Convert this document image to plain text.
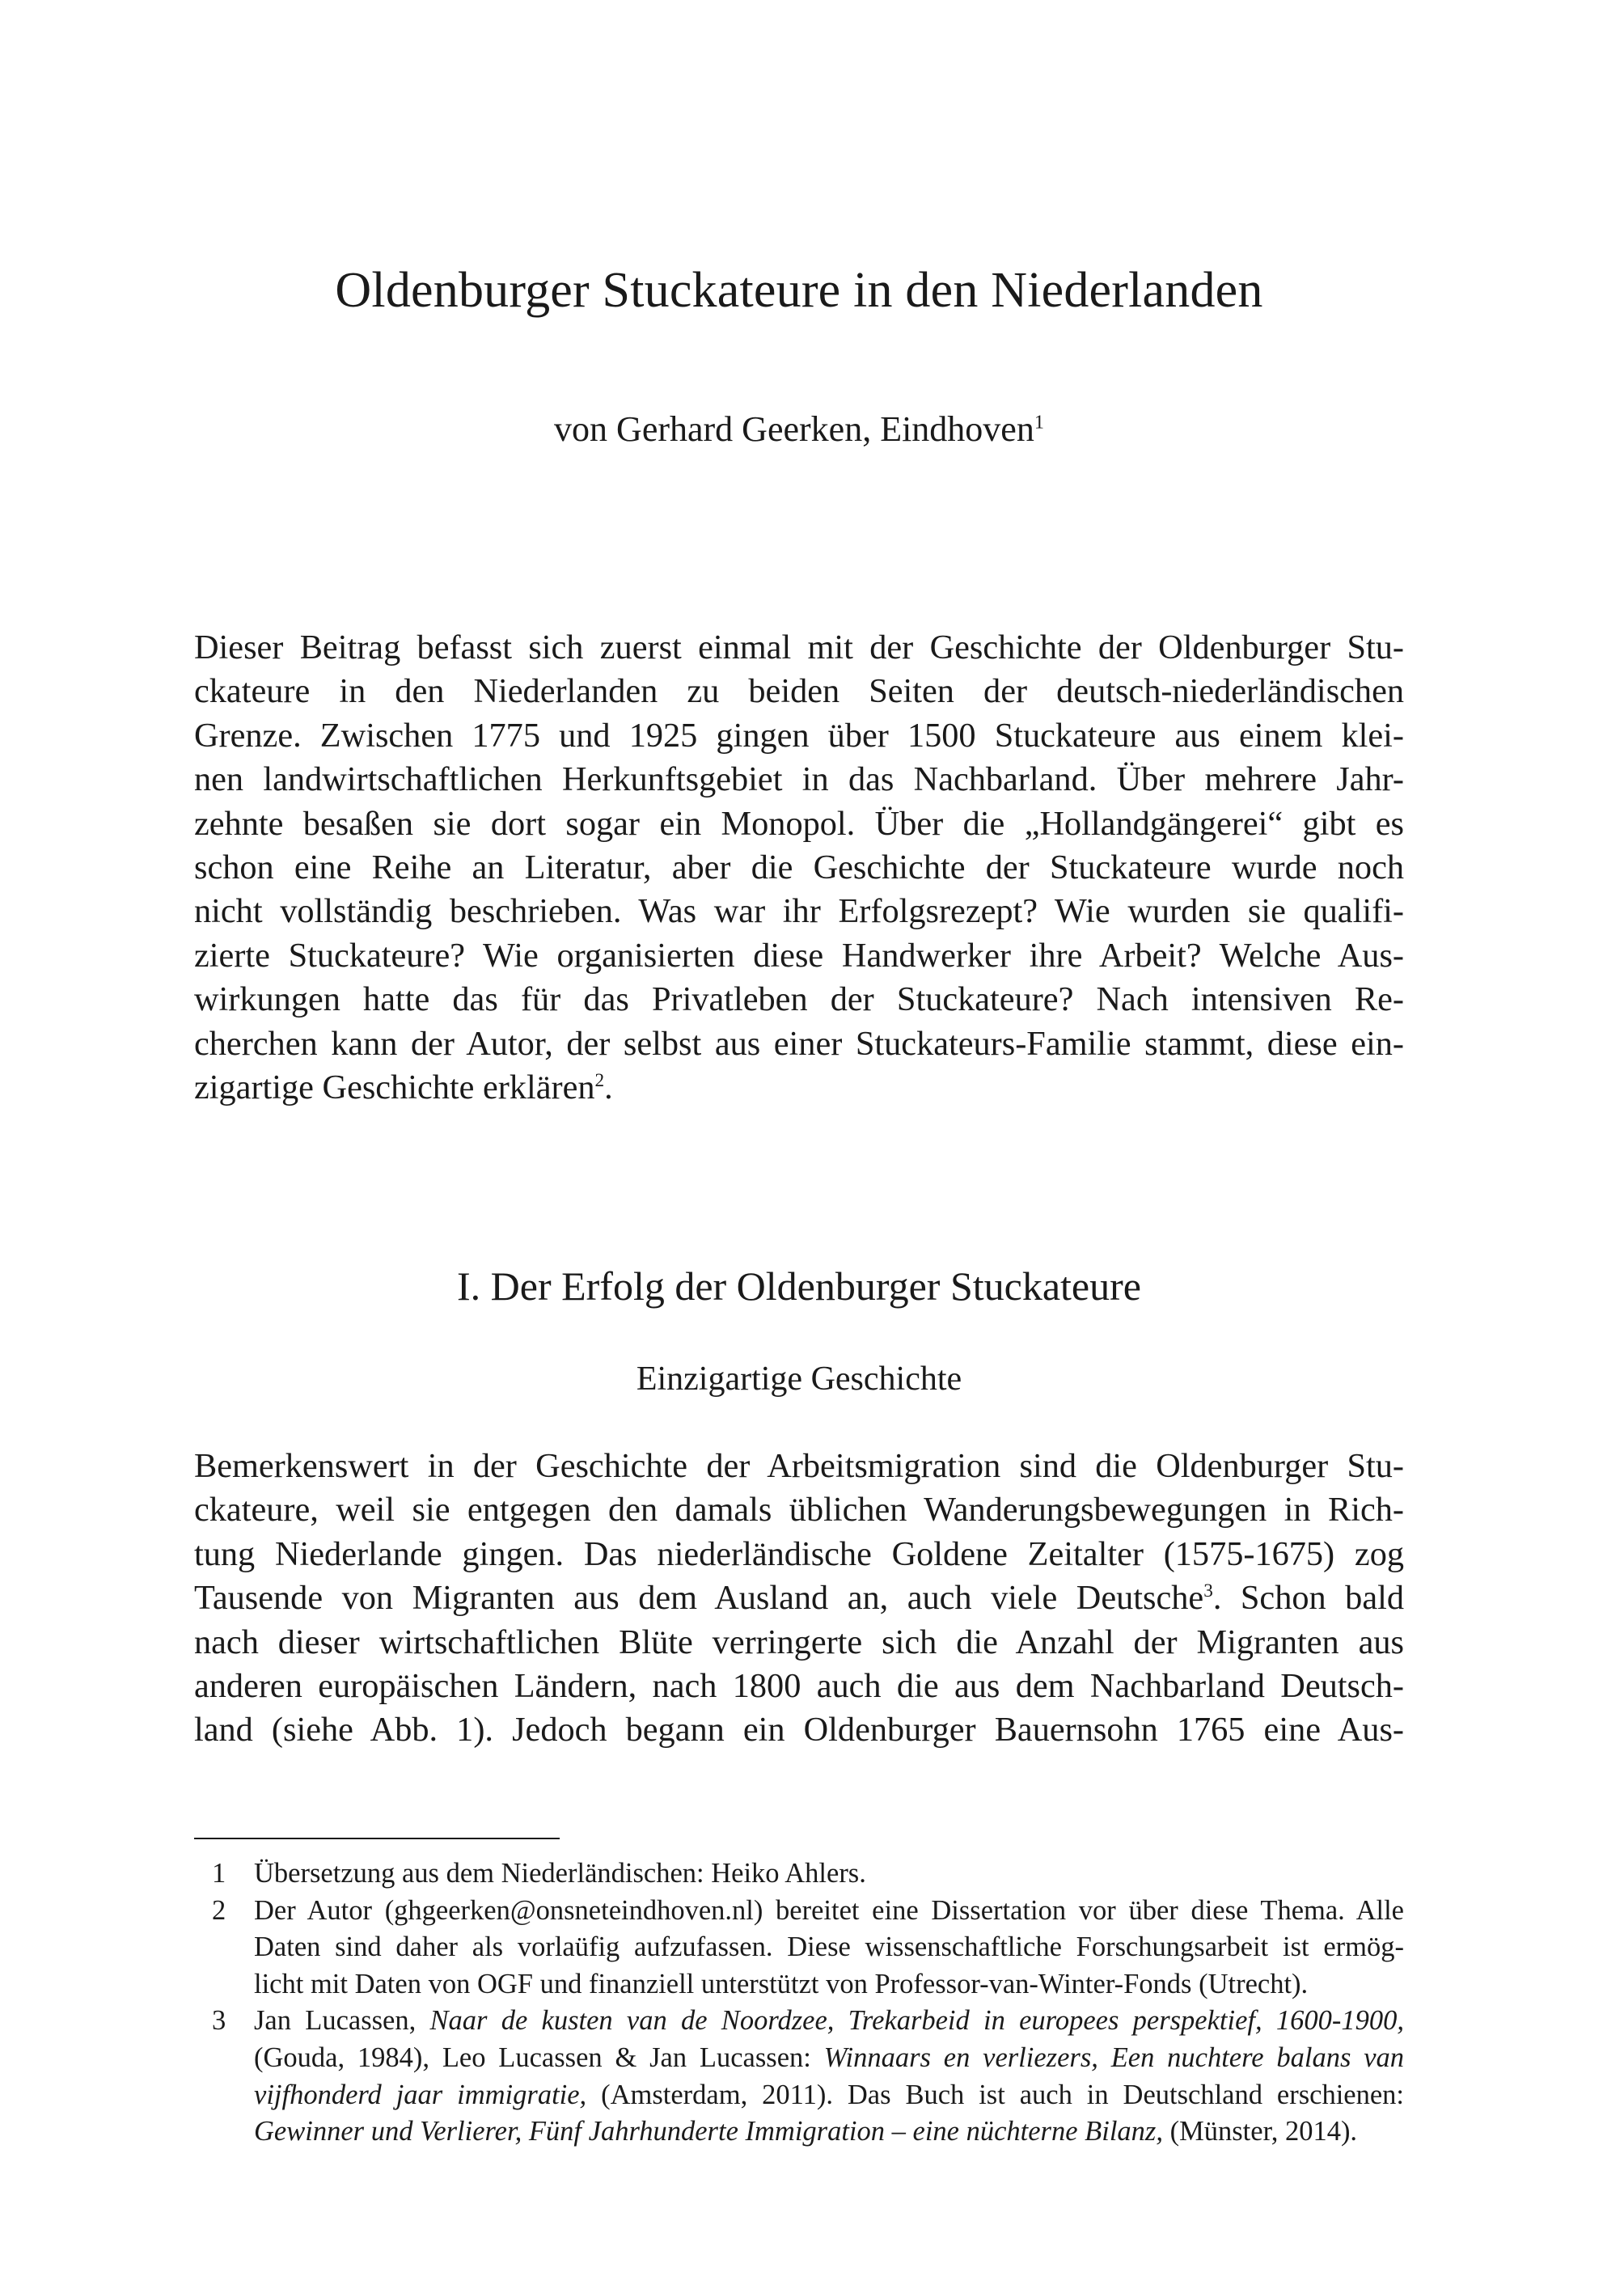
Oldenburger Stuckateure in den Niederlanden

von Gerhard Geerken, Eindhoven$^1$

Dieser Beitrag befasst sich zuerst einmal mit der Geschichte der Oldenburger Stu-
ckateure in den Niederlanden zu beiden Seiten der deutsch-niederländischen
Grenze. Zwischen 1775 und 1925 gingen über 1500 Stuckateure aus einem klei-
nen landwirtschaftlichen Herkunftsgebiet in das Nachbarland. Über mehrere Jahr-
zehnte besaßen sie dort sogar ein Monopol. Über die „Hollandgängerei“ gibt es
schon eine Reihe an Literatur, aber die Geschichte der Stuckateure wurde noch
nicht vollständig beschrieben. Was war ihr Erfolgsrezept? Wie wurden sie qualifi-
zierte Stuckateure? Wie organisierten diese Handwerker ihre Arbeit? Welche Aus-
wirkungen hatte das für das Privatleben der Stuckateure? Nach intensiven Re-
cherchen kann der Autor, der selbst aus einer Stuckateurs-Familie stammt, diese ein-
zigartige Geschichte erklären$^2$.
I. Der Erfolg der Oldenburger Stuckateure

Einzigartige Geschichte

Bemerkenswert in der Geschichte der Arbeitsmigration sind die Oldenburger Stu-
ckateure, weil sie entgegen den damals üblichen Wanderungsbewegungen in Rich-
tung Niederlande gingen. Das niederländische Goldene Zeitalter (1575-1675) zog
Tausende von Migranten aus dem Ausland an, auch viele Deutsche$^3$. Schon bald
nach dieser wirtschaftlichen Blüte verringerte sich die Anzahl der Migranten aus
anderen europäischen Ländern, nach 1800 auch die aus dem Nachbarland Deutsch-
land (siehe Abb. 1). Jedoch begann ein Oldenburger Bauernsohn 1765 eine Aus-
1 Übersetzung aus dem Niederländischen: Heiko Ahlers.
2 Der Autor (ghgeerken@onsneteindhoven.nl) bereitet eine Dissertation vor über diese Thema. Alle
Daten sind daher als vorlaüfig aufzufassen. Diese wissenschaftliche Forschungsarbeit ist ermög-
licht mit Daten von OGF und finanziell unterstützt von Professor-van-Winter-Fonds (Utrecht).
3 Jan Lucassen, Naar de kusten van de Noordzee, Trekarbeid in europees perspektief, 1600-1900,
(Gouda, 1984), Leo Lucassen & Jan Lucassen: Winnaars en verliezers, Een nuchtere balans van
vijfhonderd jaar immigratie, (Amsterdam, 2011). Das Buch ist auch in Deutschland erschienen:
Gewinner und Verlierer, Fünf Jahrhunderte Immigration – eine nüchterne Bilanz, (Münster, 2014).
